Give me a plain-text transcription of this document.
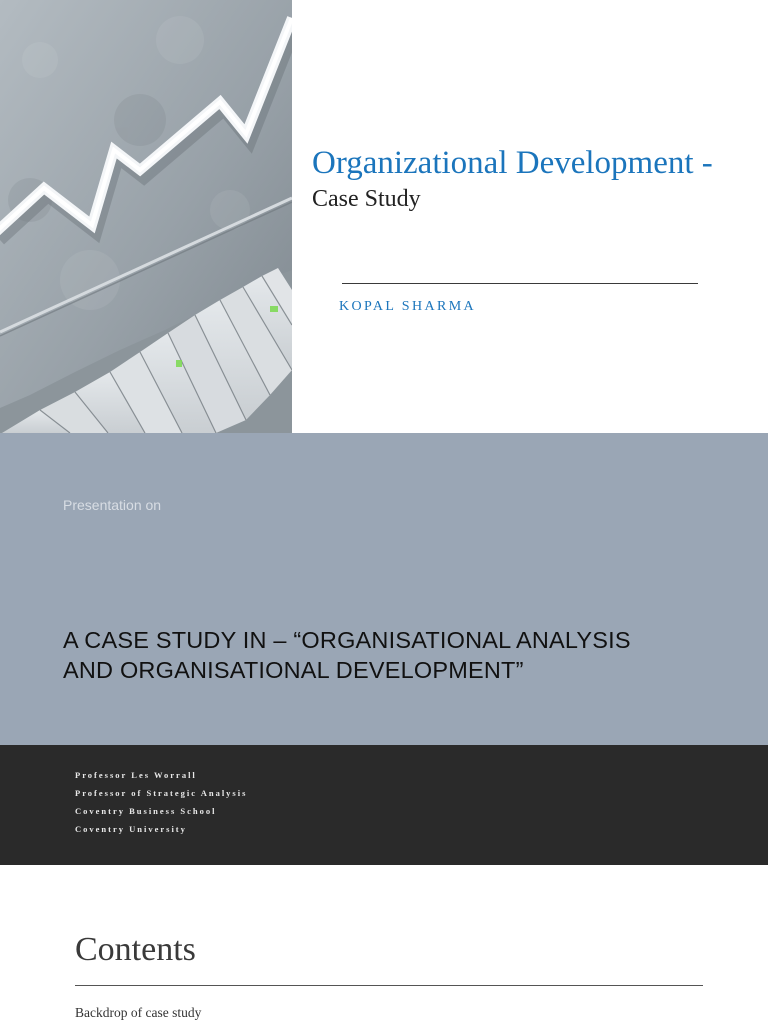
Organizational Development -
Case Study
KOPAL SHARMA
Presentation on
A CASE STUDY IN – “ORGANISATIONAL ANALYSIS
AND ORGANISATIONAL DEVELOPMENT”
Professor Les Worrall
Professor of Strategic Analysis
Coventry Business School
Coventry University
Contents
Backdrop of case study
